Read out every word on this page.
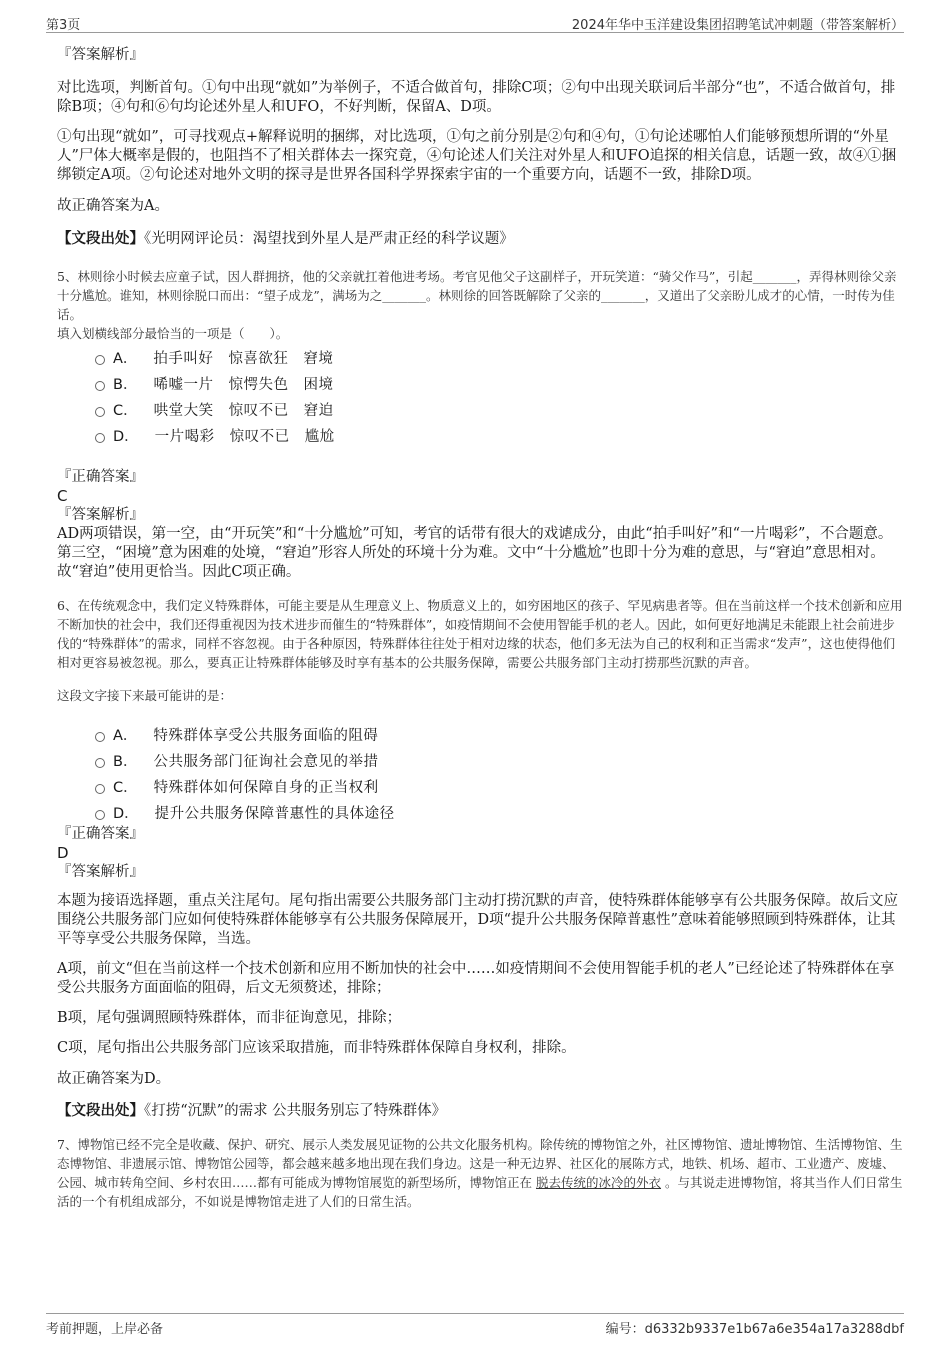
第3页	2024年华中玉洋建设集团招聘笔试冲刺题（带答案解析）

『答案解析』

对比选项，判断首句。①句中出现“就如”为举例子，不适合做首句，排除C项；②句中出现关联词后半部分“也”，不适合做首句，排除B项；④句和⑥句均论述外星人和UFO，不好判断，保留A、D项。

①句出现“就如”，可寻找观点+解释说明的捆绑，对比选项，①句之前分别是②句和④句，①句论述哪怕人们能够预想所谓的“外星人”尸体大概率是假的，也阻挡不了相关群体去一探究竟，④句论述人们关注对外星人和UFO追探的相关信息，话题一致，故④①捆绑锁定A项。②句论述对地外文明的探寻是世界各国科学界探索宇宙的一个重要方向，话题不一致，排除D项。

故正确答案为A。

【文段出处】《光明网评论员：渴望找到外星人是严肃正经的科学议题》

5、林则徐小时候去应童子试，因人群拥挤，他的父亲就扛着他进考场。考官见他父子这副样子，开玩笑道：“骑父作马”，引起_______，弄得林则徐父亲十分尴尬。谁知，林则徐脱口而出：“望子成龙”，满场为之_______。林则徐的回答既解除了父亲的_______，又道出了父亲盼儿成才的心情，一时传为佳话。

填入划横线部分最恰当的一项是（　　）。

A． 拍手叫好　惊喜欲狂　窘境
B． 唏嘘一片　惊愕失色　困境
C． 哄堂大笑　惊叹不已　窘迫
D． 一片喝彩　惊叹不已　尴尬

『正确答案』

C

『答案解析』

AD两项错误，第一空，由“开玩笑”和“十分尴尬”可知，考官的话带有很大的戏谑成分，由此“拍手叫好”和“一片喝彩”，不合题意。第三空，“困境”意为困难的处境，“窘迫”形容人所处的环境十分为难。文中“十分尴尬”也即十分为难的意思，与“窘迫”意思相对。故“窘迫”使用更恰当。因此C项正确。

6、在传统观念中，我们定义特殊群体，可能主要是从生理意义上、物质意义上的，如穷困地区的孩子、罕见病患者等。但在当前这样一个技术创新和应用不断加快的社会中，我们还得重视因为技术进步而催生的“特殊群体”，如疫情期间不会使用智能手机的老人。因此，如何更好地满足未能跟上社会前进步伐的“特殊群体”的需求，同样不容忽视。由于各种原因，特殊群体往往处于相对边缘的状态，他们多无法为自己的权利和正当需求“发声”，这也使得他们相对更容易被忽视。那么，要真正让特殊群体能够及时享有基本的公共服务保障，需要公共服务部门主动打捞那些沉默的声音。

这段文字接下来最可能讲的是：

A． 特殊群体享受公共服务面临的阻碍
B． 公共服务部门征询社会意见的举措
C． 特殊群体如何保障自身的正当权利
D． 提升公共服务保障普惠性的具体途径

『正确答案』

D

『答案解析』

本题为接语选择题，重点关注尾句。尾句指出需要公共服务部门主动打捞沉默的声音，使特殊群体能够享有公共服务保障。故后文应围绕公共服务部门应如何使特殊群体能够享有公共服务保障展开，D项“提升公共服务保障普惠性”意味着能够照顾到特殊群体，让其平等享受公共服务保障，当选。

A项，前文“但在当前这样一个技术创新和应用不断加快的社会中……如疫情期间不会使用智能手机的老人”已经论述了特殊群体在享受公共服务方面面临的阻碍，后文无须赘述，排除；

B项，尾句强调照顾特殊群体，而非征询意见，排除；

C项，尾句指出公共服务部门应该采取措施，而非特殊群体保障自身权利，排除。

故正确答案为D。

【文段出处】《打捞“沉默”的需求 公共服务别忘了特殊群体》

7、博物馆已经不完全是收藏、保护、研究、展示人类发展见证物的公共文化服务机构。除传统的博物馆之外，社区博物馆、遗址博物馆、生活博物馆、生态博物馆、非遗展示馆、博物馆公园等，都会越来越多地出现在我们身边。这是一种无边界、社区化的展陈方式，地铁、机场、超市、工业遗产、废墟、公园、城市转角空间、乡村农田……都有可能成为博物馆展览的新型场所，博物馆正在 脱去传统的冰冷的外衣 。与其说走进博物馆，将其当作人们日常生活的一个有机组成部分，不如说是博物馆走进了人们的日常生活。

考前押题，上岸必备	编号：d6332b9337e1b67a6e354a17a3288dbf
